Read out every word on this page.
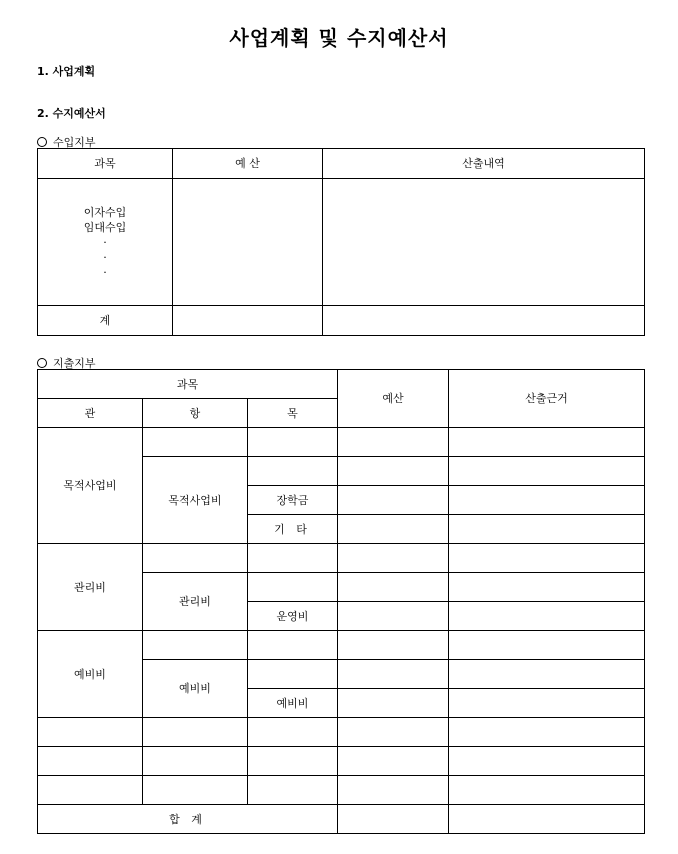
사업계획 및 수지예산서
1. 사업계획
2. 수지예산서
수입지부
과목	예 산	산출내역

이자수입
임대수입
·
·
·		

계		
지출지부
과목			예산	산출근거
관	항	목		
목적사업비				
	목적사업비			
		장학금		
		기 타		
관리비				
	관리비			
		운영비		
예비비				
	예비비			
		예비비		

합 계				
